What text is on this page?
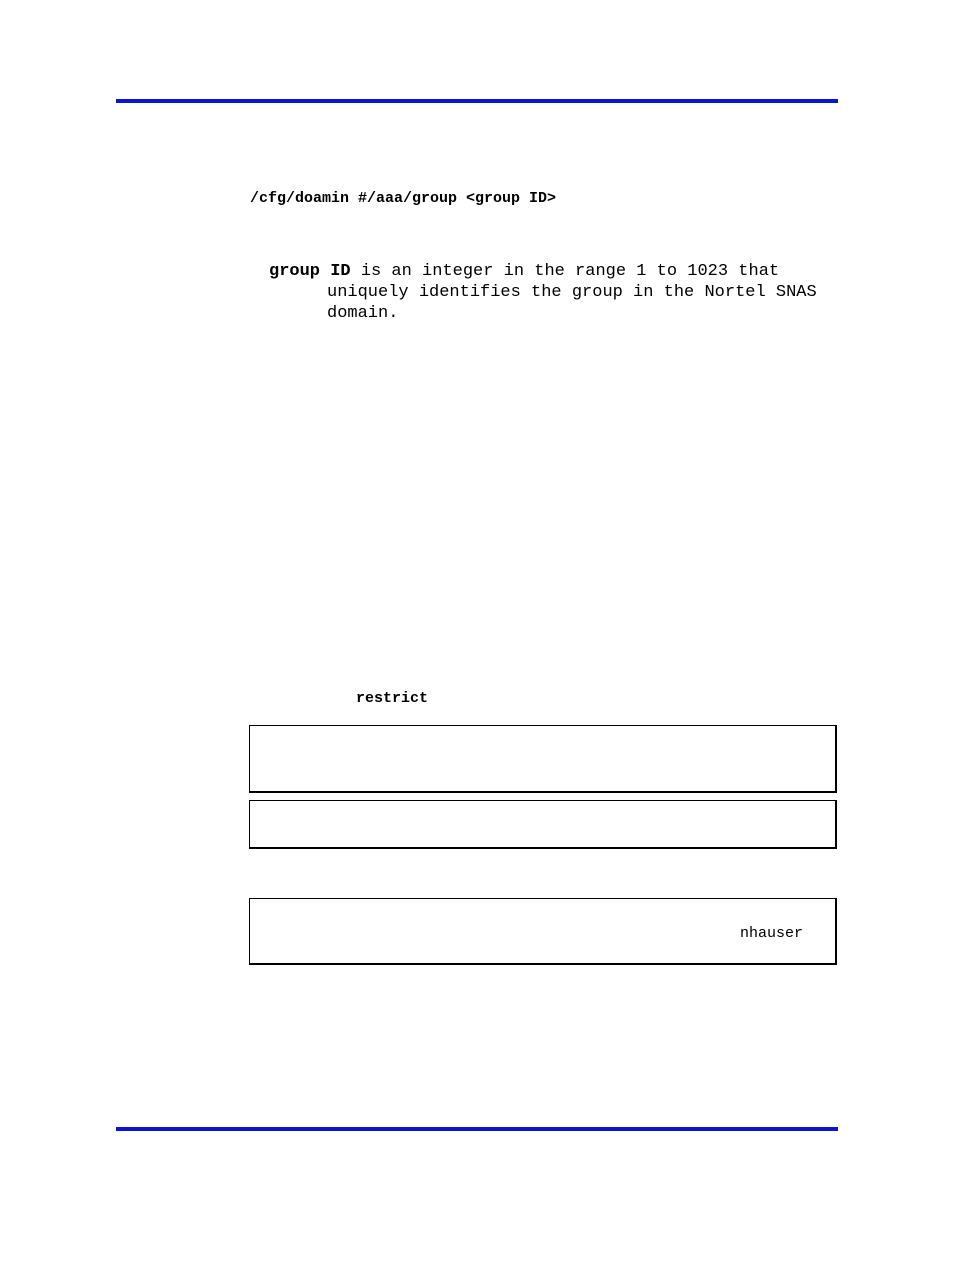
/cfg/doamin #/aaa/group <group ID>
group ID is an integer in the range 1 to 1023 that uniquely identifies the group in the Nortel SNAS domain.
restrict
nhauser
